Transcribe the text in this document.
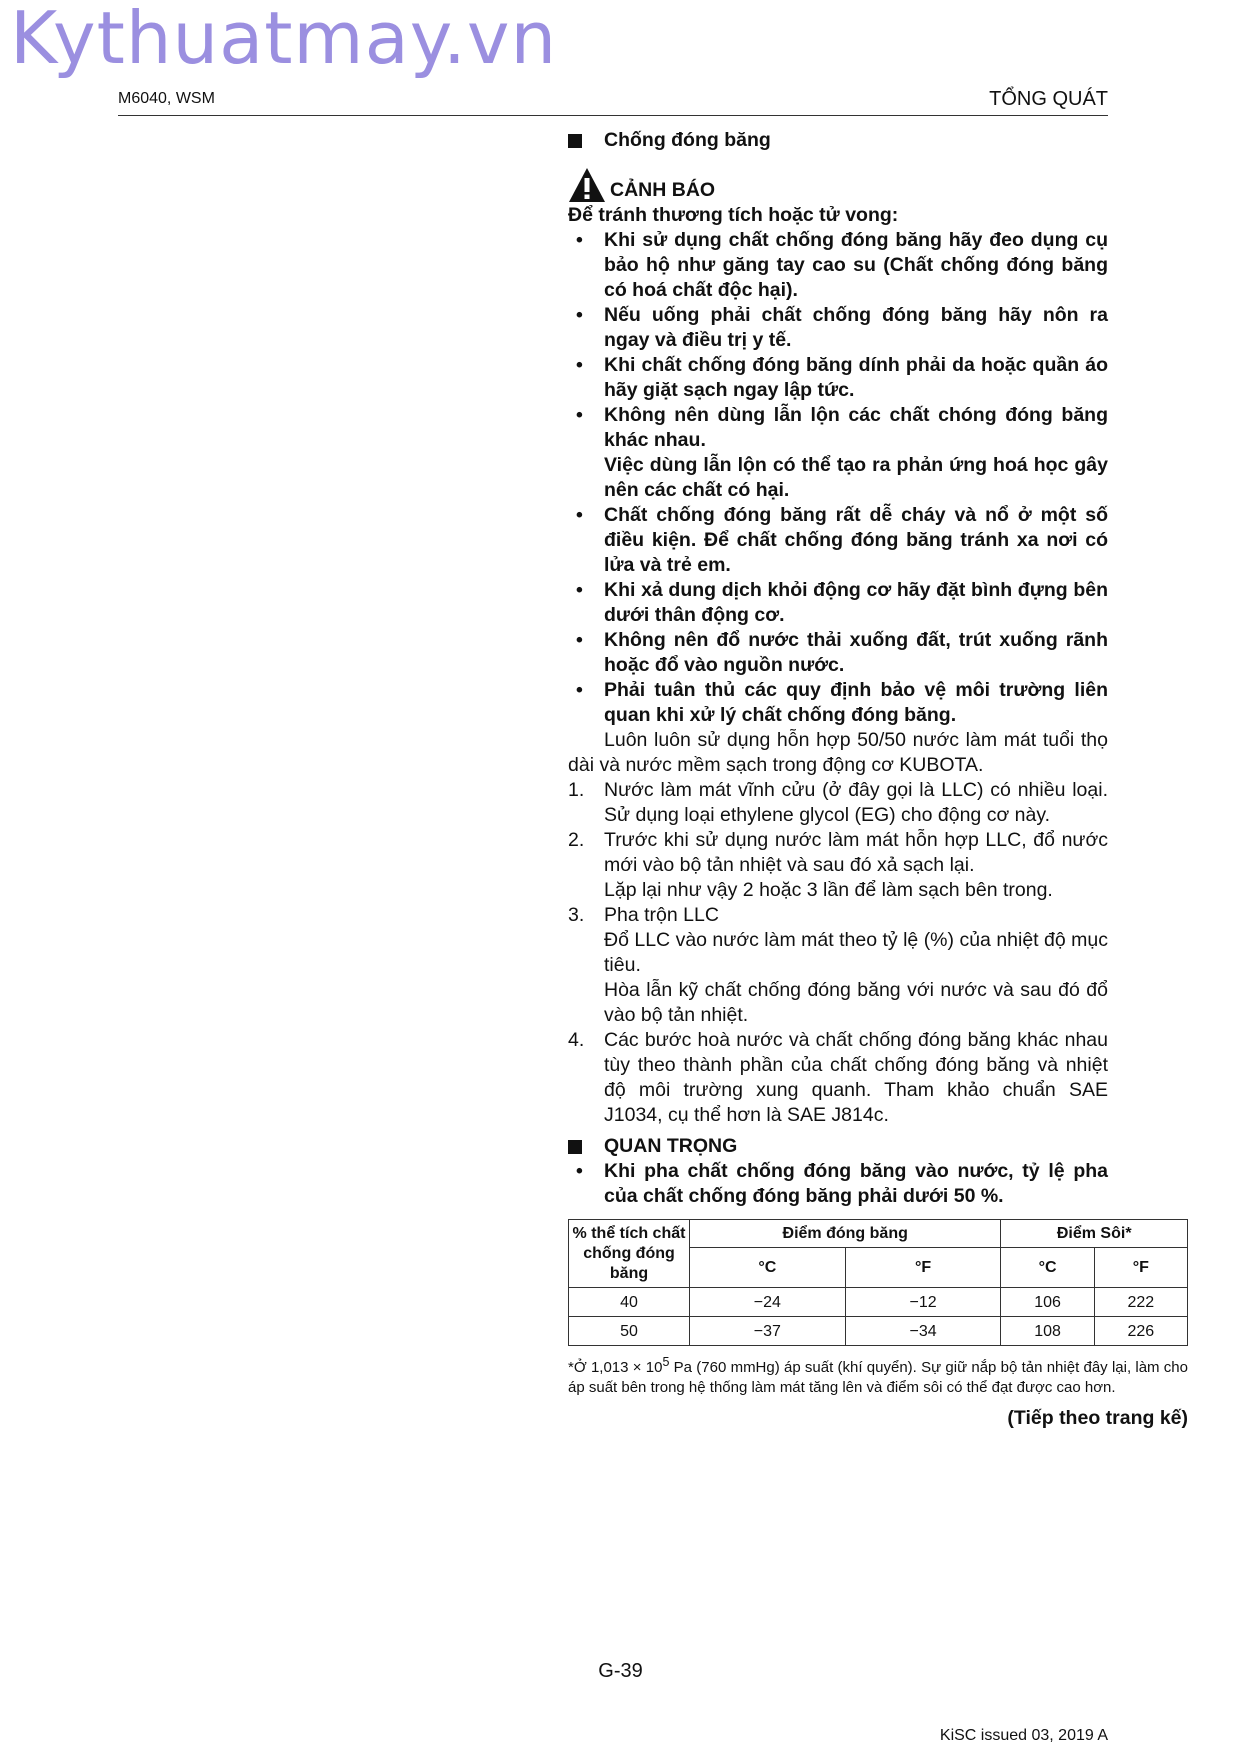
Kythuatmay.vn
M6040, WSM	TỔNG QUÁT
Chống đóng băng
CẢNH BÁO
Để tránh thương tích hoặc tử vong:
• Khi sử dụng chất chống đóng băng hãy đeo dụng cụ bảo hộ như găng tay cao su (Chất chống đóng băng có hoá chất độc hại).
• Nếu uống phải chất chống đóng băng hãy nôn ra ngay và điều trị y tế.
• Khi chất chống đóng băng dính phải da hoặc quần áo hãy giặt sạch ngay lập tức.
• Không nên dùng lẫn lộn các chất chóng đóng băng khác nhau.
Việc dùng lẫn lộn có thể tạo ra phản ứng hoá học gây nên các chất có hại.
• Chất chống đóng băng rất dễ cháy và nổ ở một số điều kiện. Để chất chống đóng băng tránh xa nơi có lửa và trẻ em.
• Khi xả dung dịch khỏi động cơ hãy đặt bình đựng bên dưới thân động cơ.
• Không nên đổ nước thải xuống đất, trút xuống rãnh hoặc đổ vào nguồn nước.
• Phải tuân thủ các quy định bảo vệ môi trường liên quan khi xử lý chất chống đóng băng.
Luôn luôn sử dụng hỗn hợp 50/50 nước làm mát tuổi thọ dài và nước mềm sạch trong động cơ KUBOTA.
1. Nước làm mát vĩnh cửu (ở đây gọi là LLC) có nhiều loại. Sử dụng loại ethylene glycol (EG) cho động cơ này.
2. Trước khi sử dụng nước làm mát hỗn hợp LLC, đổ nước mới vào bộ tản nhiệt và sau đó xả sạch lại.
Lặp lại như vậy 2 hoặc 3 lần để làm sạch bên trong.
3. Pha trộn LLC
Đổ LLC vào nước làm mát theo tỷ lệ (%) của nhiệt độ mục tiêu.
Hòa lẫn kỹ chất chống đóng băng với nước và sau đó đổ vào bộ tản nhiệt.
4. Các bước hoà nước và chất chống đóng băng khác nhau tùy theo thành phần của chất chống đóng băng và nhiệt độ môi trường xung quanh. Tham khảo chuẩn SAE J1034, cụ thể hơn là SAE J814c.
QUAN TRỌNG
• Khi pha chất chống đóng băng vào nước, tỷ lệ pha của chất chống đóng băng phải dưới 50 %.
% thể tích chất chống đóng băng	Điểm đóng băng		Điểm Sôi*	
	°C	°F	°C	°F
40	−24	−12	106	222
50	−37	−34	108	226
*Ở $1,013 \times 10^5$ Pa (760 mmHg) áp suất (khí quyển). Sự giữ nắp bộ tản nhiệt đây lại, làm cho áp suất bên trong hệ thống làm mát tăng lên và điểm sôi có thể đạt được cao hơn.
(Tiếp theo trang kế)
G-39
KiSC issued 03, 2019 A
